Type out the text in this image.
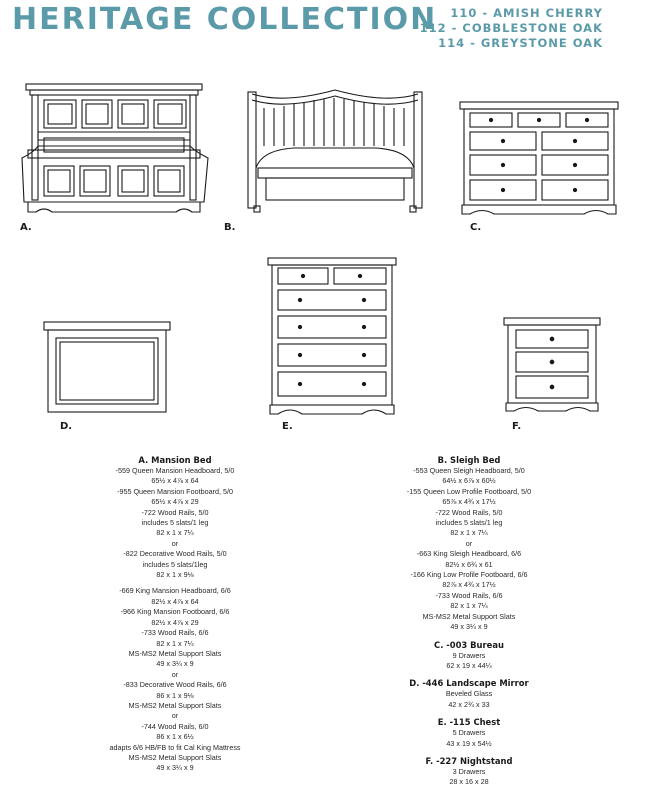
HERITAGE COLLECTION	110 - AMISH CHERRY
112 - COBBLESTONE OAK
114 - GREYSTONE OAK
A.	B.	C.
D.	E.	F.
A. Mansion Bed
-559 Queen Mansion Headboard, 5/0
65½ x 4⅞ x 64
-955 Queen Mansion Footboard, 5/0
65½ x 4⅞ x 29
-722 Wood Rails, 5/0
includes 5 slats/1 leg
82 x 1 x 7¼
or
-822 Decorative Wood Rails, 5/0
includes 5 slats/1leg
82 x 1 x 9⅛
-669 King Mansion Headboard, 6/6
82½ x 4⅞ x 64
-966 King Mansion Footboard, 6/6
82½ x 4⅞ x 29
-733 Wood Rails, 6/6
82 x 1 x 7¼
MS-MS2 Metal Support Slats
49 x 3¼ x 9
or
-833 Decorative Wood Rails, 6/6
86 x 1 x 9⅛
MS-MS2 Metal Support Slats
or
-744 Wood Rails, 6/0
86 x 1 x 6½
adapts 6/6 HB/FB to fit Cal King Mattress
MS-MS2 Metal Support Slats
49 x 3¼ x 9
B. Sleigh Bed
-553 Queen Sleigh Headboard, 5/0
64½ x 6⅞ x 60½
-155 Queen Low Profile Footboard, 5/0
65⅞ x 4¾ x 17½
-722 Wood Rails, 5/0
includes 5 slats/1 leg
82 x 1 x 7¼
or
-663 King Sleigh Headboard, 6/6
82½ x 6¾ x 61
-166 King Low Profile Footboard, 6/6
82⅞ x 4¾ x 17½
-733 Wood Rails, 6/6
82 x 1 x 7¼
MS-MS2 Metal Support Slats
49 x 3¼ x 9
C. -003 Bureau
9 Drawers
62 x 19 x 44¼
D. -446 Landscape Mirror
Beveled Glass
42 x 2¾ x 33
E. -115 Chest
5 Drawers
43 x 19 x 54½
F. -227 Nightstand
3 Drawers
28 x 16 x 28
